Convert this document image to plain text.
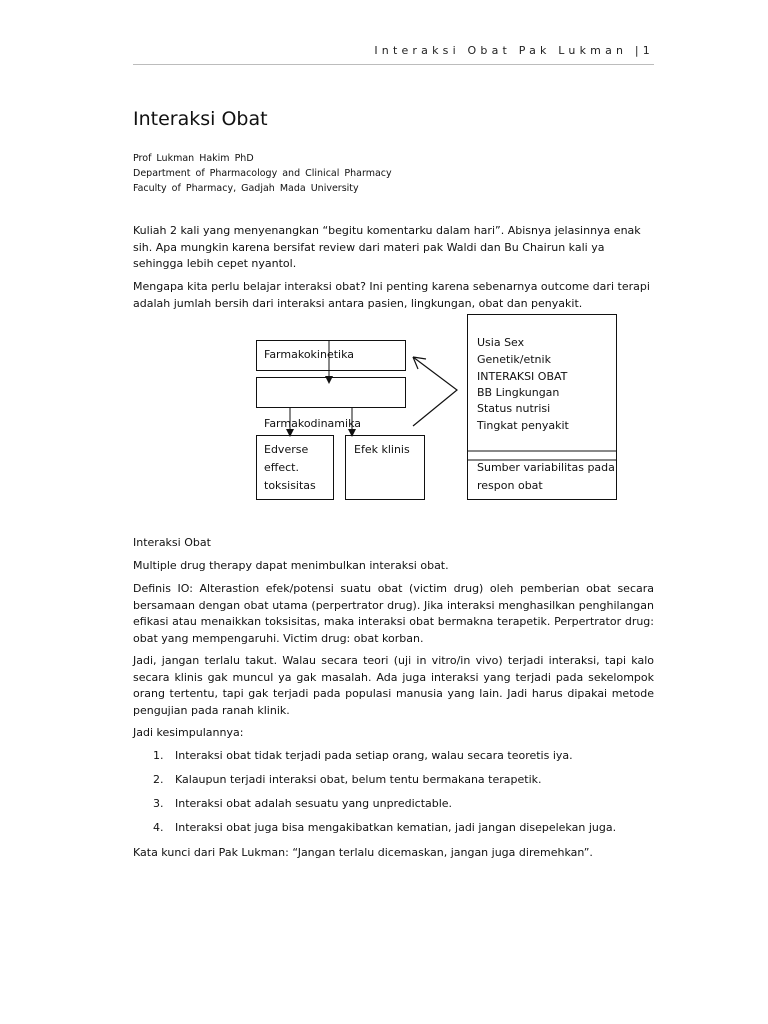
Interaksi Obat Pak Lukman |1
Interaksi Obat
Prof Lukman Hakim PhD
Department of Pharmacology and Clinical Pharmacy
Faculty of Pharmacy, Gadjah Mada University

Kuliah 2 kali yang menyenangkan “begitu komentarku dalam hari”. Abisnya jelasinnya enak sih. Apa mungkin karena bersifat review dari materi pak Waldi dan Bu Chairun kali ya sehingga lebih cepet nyantol.

Mengapa kita perlu belajar interaksi obat? Ini penting karena sebenarnya outcome dari terapi adalah jumlah bersih dari interaksi antara pasien, lingkungan, obat dan penyakit.

Farmakokinetika
Farmakodinamika
Edverse
effect.
toksisitas
Efek klinis
Usia Sex
Genetik/etnik
INTERAKSI OBAT
BB Lingkungan
Status nutrisi
Tingkat penyakit
Sumber variabilitas pada
respon obat

Interaksi Obat

Multiple drug therapy dapat menimbulkan interaksi obat.

Definis IO: Alterastion efek/potensi suatu obat (victim drug) oleh pemberian obat secara bersamaan dengan obat utama (perpertrator drug). Jika interaksi menghasilkan penghilangan efikasi atau menaikkan toksisitas, maka interaksi obat bermakna terapetik. Perpertrator drug: obat yang mempengaruhi. Victim drug: obat korban.

Jadi, jangan terlalu takut. Walau secara teori (uji in vitro/in vivo) terjadi interaksi, tapi kalo secara klinis gak muncul ya gak masalah. Ada juga interaksi yang terjadi pada sekelompok orang tertentu, tapi gak terjadi pada populasi manusia yang lain. Jadi harus dipakai metode pengujian pada ranah klinik.

Jadi kesimpulannya:

1. Interaksi obat tidak terjadi pada setiap orang, walau secara teoretis iya.
2. Kalaupun terjadi interaksi obat, belum tentu bermakana terapetik.
3. Interaksi obat adalah sesuatu yang unpredictable.
4. Interaksi obat juga bisa mengakibatkan kematian, jadi jangan disepelekan juga.

Kata kunci dari Pak Lukman: “Jangan terlalu dicemaskan, jangan juga diremehkan”.
